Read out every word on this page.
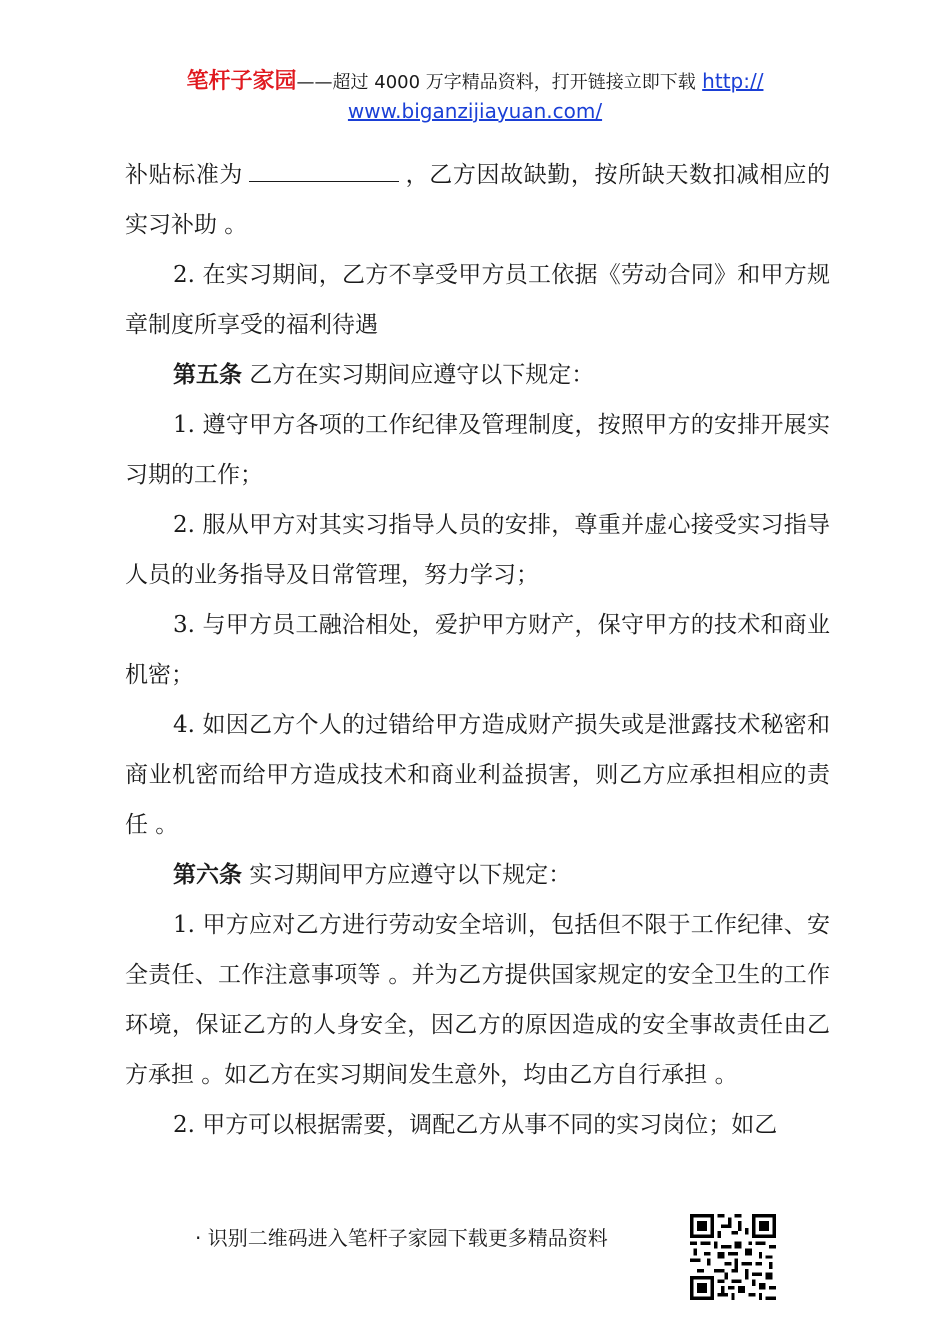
笔杆子家园——超过 4000 万字精品资料，打开链接立即下载 http://
www.biganzijiayuan.com/

补贴标准为	，乙方因故缺勤，按所缺天数扣减相应的实习补助 。

2. 在实习期间，乙方不享受甲方员工依据《劳动合同》和甲方规章制度所享受的福利待遇

第五条 乙方在实习期间应遵守以下规定：

1. 遵守甲方各项的工作纪律及管理制度，按照甲方的安排开展实习期的工作；

2. 服从甲方对其实习指导人员的安排，尊重并虚心接受实习指导人员的业务指导及日常管理，努力学习；

3. 与甲方员工融洽相处，爱护甲方财产，保守甲方的技术和商业机密；

4. 如因乙方个人的过错给甲方造成财产损失或是泄露技术秘密和商业机密而给甲方造成技术和商业利益损害，则乙方应承担相应的责任 。

第六条 实习期间甲方应遵守以下规定：

1. 甲方应对乙方进行劳动安全培训，包括但不限于工作纪律、安全责任、工作注意事项等 。并为乙方提供国家规定的安全卫生的工作环境，保证乙方的人身安全，因乙方的原因造成的安全事故责任由乙方承担 。如乙方在实习期间发生意外，均由乙方自行承担 。

2. 甲方可以根据需要，调配乙方从事不同的实习岗位；如乙

· 识别二维码进入笔杆子家园下载更多精品资料
